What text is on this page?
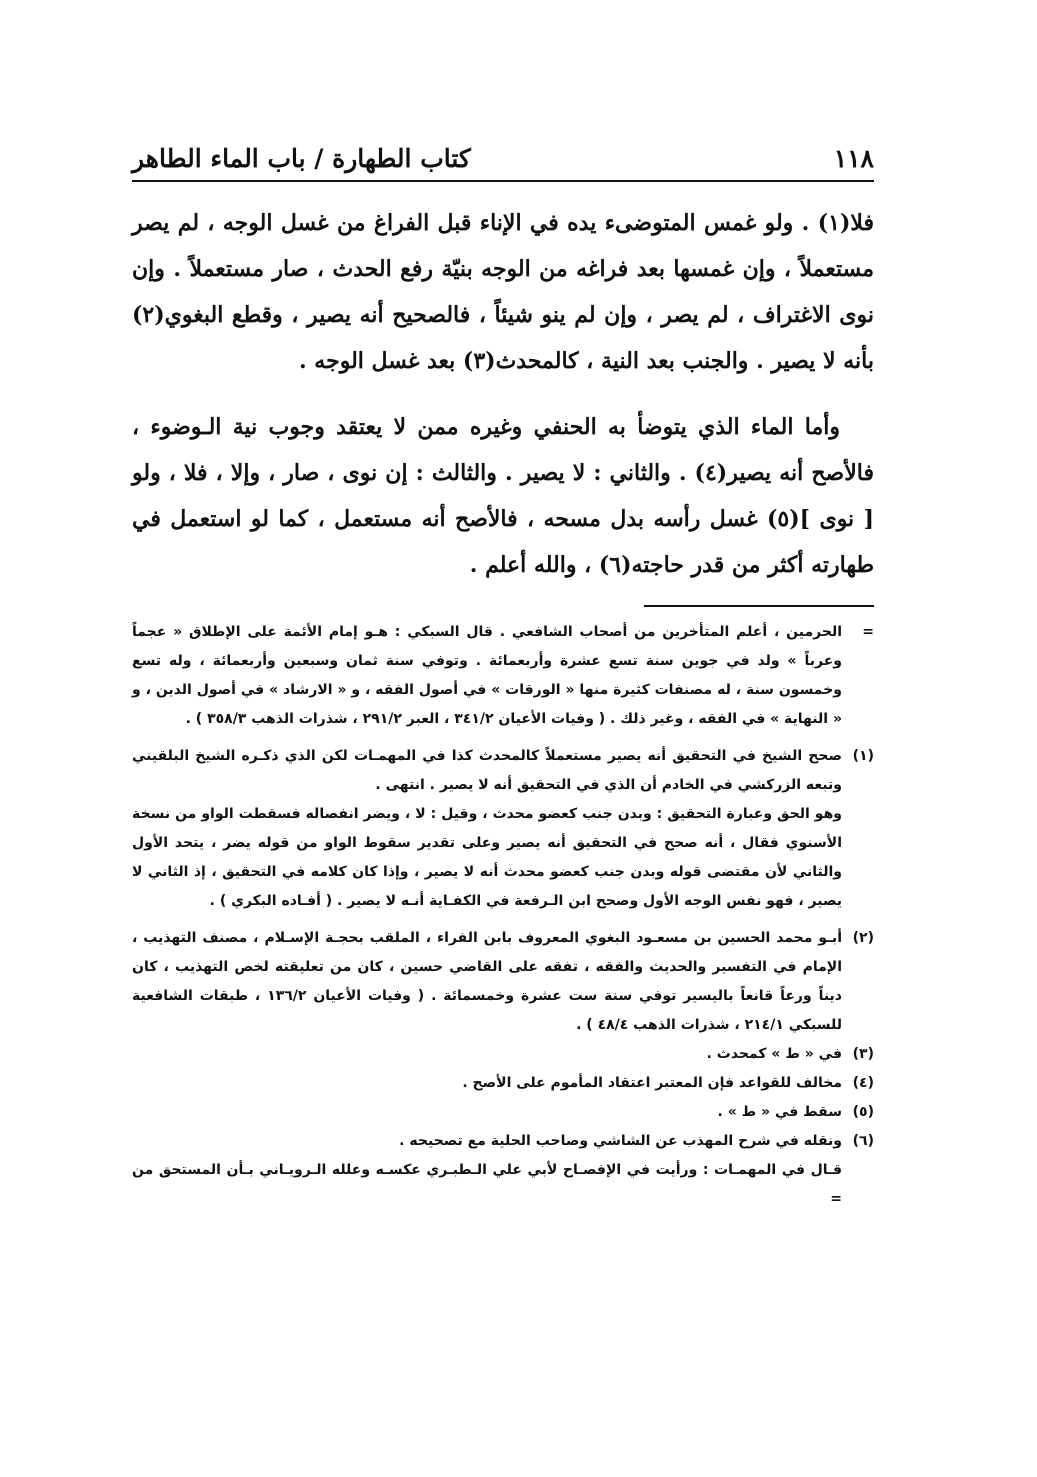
١١٨
كتاب الطهارة / باب الماء الطاهر

فلا(١) . ولو غمس المتوضىء يده في الإناء قبل الفراغ من غسل الوجه ، لم يصر مستعملاً ، وإن غمسها بعد فراغه من الوجه بنيّة رفع الحدث ، صار مستعملاً . وإن نوى الاغتراف ، لم يصر ، وإن لم ينو شيئاً ، فالصحيح أنه يصير ، وقطع البغوي(٢) بأنه لا يصير . والجنب بعد النية ، كالمحدث(٣) بعد غسل الوجه .

وأما الماء الذي يتوضأ به الحنفي وغيره ممن لا يعتقد وجوب نية الـوضوء ، فالأصح أنه يصير(٤) . والثاني : لا يصير . والثالث : إن نوى ، صار ، وإلا ، فلا ، ولو [ نوى ](٥) غسل رأسه بدل مسحه ، فالأصح أنه مستعمل ، كما لو استعمل في طهارته أكثر من قدر حاجته(٦) ، والله أعلم .

=
الحرمين ، أعلم المتأخرين من أصحاب الشافعي . قال السبكي : هـو إمام الأئمة على الإطلاق « عجماً وعرباً » ولد في جوين سنة تسع عشرة وأربعمائة . وتوفي سنة ثمان وسبعين وأربعمائة ، وله تسع وخمسون سنة ، له مصنفات كثيرة منها « الورقات » في أصول الفقه ، و « الارشاد » في أصول الدين ، و « النهاية » في الفقه ، وغير ذلك . ( وفيات الأعيان ٣٤١/٢ ، العبر ٢٩١/٢ ، شذرات الذهب ٣٥٨/٣ ) .
(١)
صحح الشيخ في التحقيق أنه يصير مستعملاً كالمحدث كذا في المهمـات لكن الذي ذكـره الشيخ البلقيني وتبعه الزركشي في الخادم أن الذي في التحقيق أنه لا يصير . انتهى .

وهو الحق وعبارة التحقيق : وبدن جنب كعضو محدث ، وقيل : لا ، ويضر انفصاله فسقطت الواو من نسخة الأسنوي فقال ، أنه صحح في التحقيق أنه يصير وعلى تقدير سقوط الواو من قوله يضر ، يتحد الأول والثاني لأن مقتضى قوله وبدن جنب كعضو محدث أنه لا يصير ، وإذا كان كلامه في التحقيق ، إذ الثاني لا يصير ، فهو نفس الوجه الأول وصحح ابن الـرفعة في الكفـاية أنـه لا يصير . ( أفـاده البكري ) .

(٢)
أبـو محمد الحسين بن مسعـود البغوي المعروف بابن الفراء ، الملقب بحجـة الإسـلام ، مصنف التهذيب ، الإمام في التفسير والحديث والفقه ، تفقه على القاضي حسين ، كان من تعليقته لخص التهذيب ، كان ديناً ورعاً قانعاً باليسير توفي سنة ست عشرة وخمسمائة . ( وفيات الأعيان ١٣٦/٢ ، طبقات الشافعية للسبكي ٢١٤/١ ، شذرات الذهب ٤٨/٤ ) .
(٣)
في « ط » كمحدث .
(٤)
مخالف للقواعد فإن المعتبر اعتقاد المأموم على الأصح .
(٥)
سقط في « ط » .
(٦)
ونقله في شرح المهذب عن الشاشي وصاحب الحلية مع تصحيحه .

قـال في المهمـات : ورأيت في الإفصـاح لأبي علي الـطبـري عكسـه وعلله الـرويـاني بـأن المستحق من =
